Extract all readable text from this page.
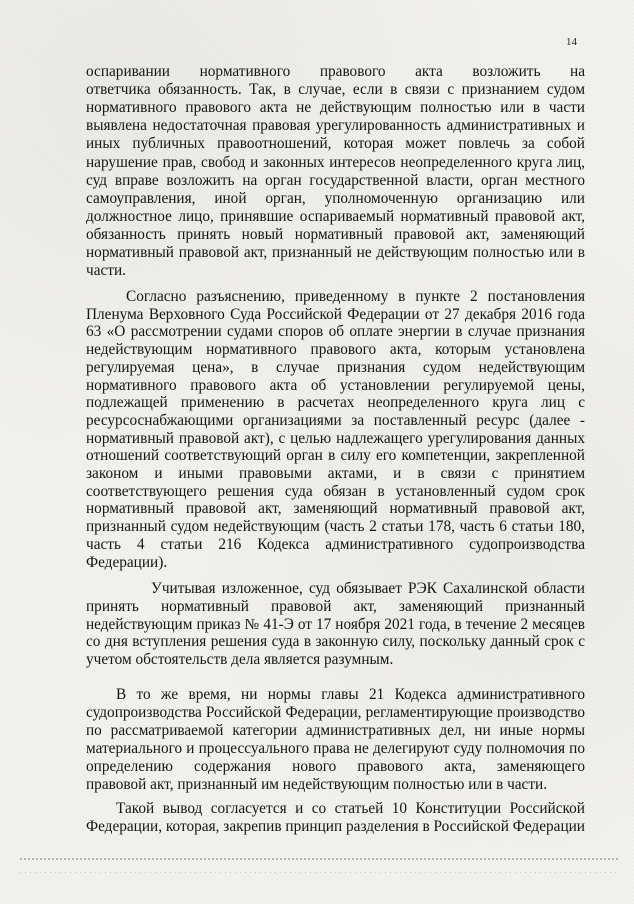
14
оспаривании нормативного правового акта возложить на
ответчика обязанность. Так, в случае, если в связи с признанием судом
нормативного правового акта не действующим полностью или в части
выявлена недостаточная правовая урегулированность административных и
иных публичных правоотношений, которая может повлечь за собой
нарушение прав, свобод и законных интересов неопределенного круга лиц,
суд вправе возложить на орган государственной власти, орган местного
самоуправления, иной орган, уполномоченную организацию или
должностное лицо, принявшие оспариваемый нормативный правовой акт,
обязанность принять новый нормативный правовой акт, заменяющий
нормативный правовой акт, признанный не действующим полностью или в
части.
Согласно разъяснению, приведенному в пункте 2 постановления
Пленума Верховного Суда Российской Федерации от 27 декабря 2016 года
63 «О рассмотрении судами споров об оплате энергии в случае признания
недействующим нормативного правового акта, которым установлена
регулируемая цена», в случае признания судом недействующим
нормативного правового акта об установлении регулируемой цены,
подлежащей применению в расчетах неопределенного круга лиц с
ресурсоснабжающими организациями за поставленный ресурс (далее -
нормативный правовой акт), с целью надлежащего урегулирования данных
отношений соответствующий орган в силу его компетенции, закрепленной
законом и иными правовыми актами, и в связи с принятием
соответствующего решения суда обязан в установленный судом срок
нормативный правовой акт, заменяющий нормативный правовой акт,
признанный судом недействующим (часть 2 статьи 178, часть 6 статьи 180,
часть 4 статьи 216 Кодекса административного судопроизводства
Федерации).
Учитывая изложенное, суд обязывает РЭК Сахалинской области
принять нормативный правовой акт, заменяющий признанный
недействующим приказ № 41-Э от 17 ноября 2021 года, в течение 2 месяцев
со дня вступления решения суда в законную силу, поскольку данный срок с
учетом обстоятельств дела является разумным.
В то же время, ни нормы главы 21 Кодекса административного
судопроизводства Российской Федерации, регламентирующие производство
по рассматриваемой категории административных дел, ни иные нормы
материального и процессуального права не делегируют суду полномочия по
определению содержания нового правового акта, заменяющего
правовой акт, признанный им недействующим полностью или в части.
Такой вывод согласуется и со статьей 10 Конституции Российской
Федерации, которая, закрепив принцип разделения в Российской Федерации
